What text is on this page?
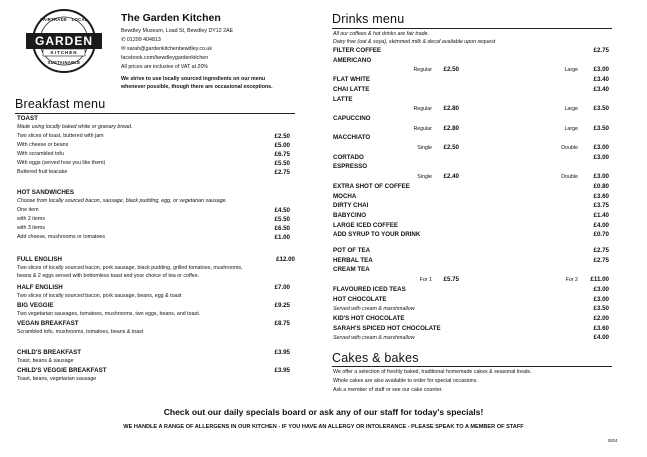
FAIRTRADE · LOCAL
GARDEN
KITCHEN
SUSTAINABLE
The Garden Kitchen
Bewdley Museum, Load St, Bewdley DY12 2AE
✆ 01299 404813
✉ sarah@gardenkitchenbewdley.co.uk
facebook.com/bewdleygardenkitchen
All prices are inclusive of VAT at 20%
We strive to use locally sourced ingredients on our menu
whenever possible, though there are occasional exceptions.
Breakfast menu
TOAST
Made using locally baked white or granary bread.
Two slices of toast, buttered with jam	£2.50
With cheese or beans	£5.00
With scrambled tofu	£6.75
With eggs (served how you like them)	£5.50
Buttered fruit teacake	£2.75
HOT SANDWICHES
Choose from locally sourced bacon, sausage, black pudding, egg, or vegetarian sausage.
One item	£4.50
with 2 items	£5.50
with 3 items	£6.50
Add cheese, mushrooms or tomatoes	£1.00
FULL ENGLISH	£12.00
Two slices of locally sourced bacon, pork sausage, black pudding, grilled tomatoes, mushrooms,
beans & 2 eggs served with bottomless toast and your choice of tea or coffee.
HALF ENGLISH	£7.00
Two slices of locally sourced bacon, pork sausage, beans, egg & toast
BIG VEGGIE	£9.25
Two vegetarian sausages, tomatoes, mushrooms, two eggs, beans, and toast.
VEGAN BREAKFAST	£8.75
Scrambled tofu, mushrooms, tomatoes, beans & toast
CHILD'S BREAKFAST	£3.95
Toast, beans & sausage
CHILD'S VEGGIE BREAKFAST	£3.95
Toast, beans, vegetarian sausage
Drinks menu
All our coffees & hot drinks are fair trade.
Dairy free (oat & soya), skimmed milk & decaf available upon request
FILTER COFFEE	£2.75
AMERICANO
Regular £2.50	Large	£3.00
FLAT WHITE	£3.40
CHAI LATTE	£3.40
LATTE
Regular £2.80	Large	£3.50
CAPUCCINO
Regular £2.80	Large	£3.50
MACCHIATO
Single £2.50	Double	£3.00
CORTADO	£3.00
ESPRESSO
Single £2.40	Double	£3.00
EXTRA SHOT OF COFFEE	£0.80
MOCHA	£3.60
DIRTY CHAI	£3.75
BABYCINO	£1.40
LARGE ICED COFFEE	£4.00
ADD SYRUP TO YOUR DRINK	£0.70
POT OF TEA	£2.75
HERBAL TEA	£2.75
CREAM TEA
For 1 £5.75	For 2 £11.00
FLAVOURED ICED TEAS	£3.00
HOT CHOCOLATE	£3.00
Served with cream & marshmallow	£3.50
KID'S HOT CHOCOLATE	£2.00
SARAH'S SPICED HOT CHOCOLATE	£3.60
Served with cream & marshmallow	£4.00
Cakes & bakes
We offer a selection of freshly baked, traditional homemade cakes & seasonal treats.
Whole cakes are also available to order for special occasions.
Ask a member of staff or see our cake counter.
Check out our daily specials board or ask any of our staff for today's specials!
WE HANDLE A RANGE OF ALLERGENS IN OUR KITCHEN - IF YOU HAVE AN ALLERGY OR INTOLERANCE - PLEASE SPEAK TO A MEMBER OF STAFF
0824
